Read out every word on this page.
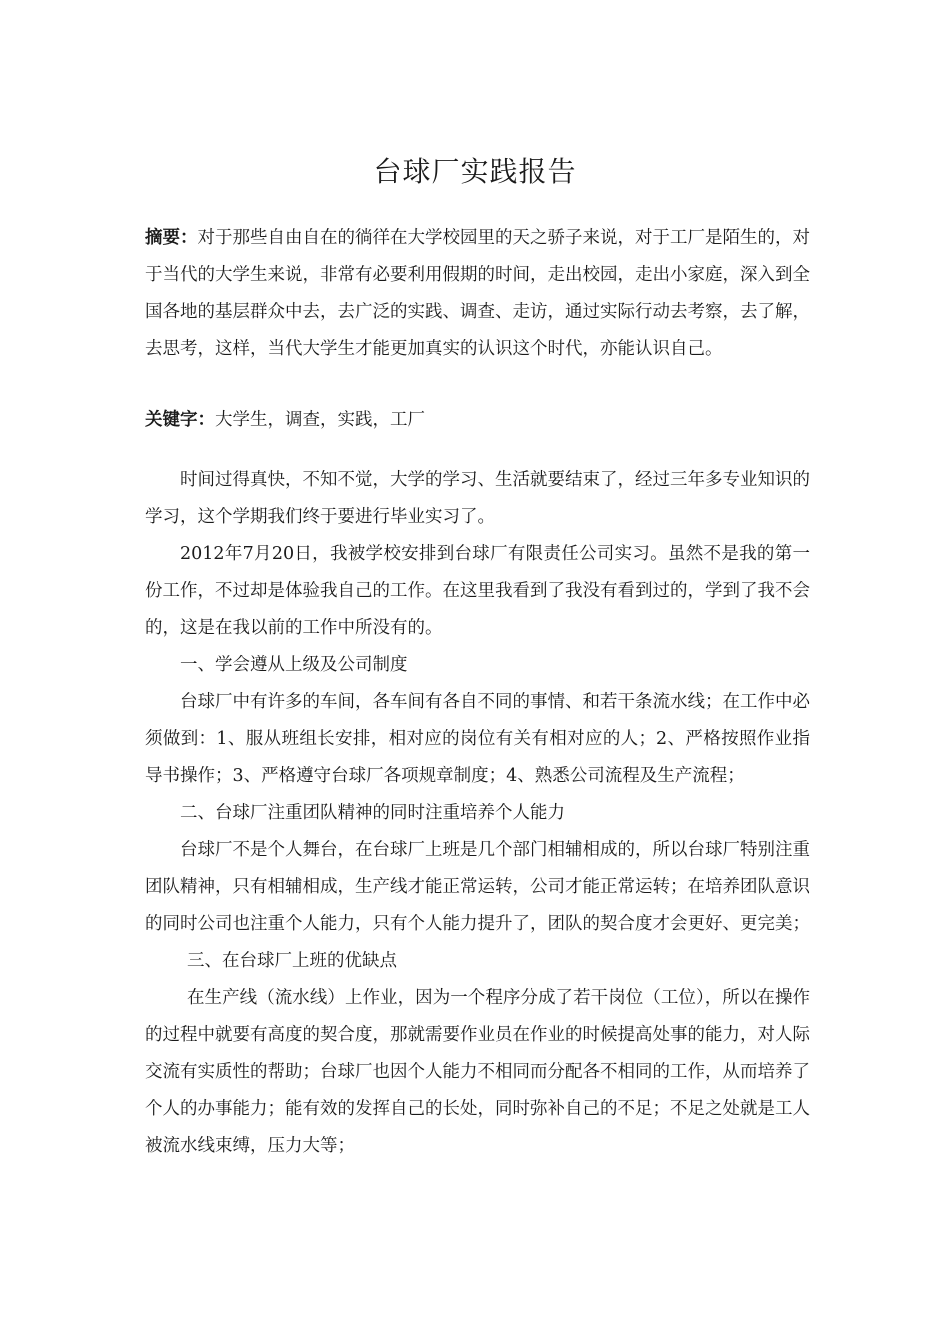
台球厂实践报告
摘要：对于那些自由自在的徜徉在大学校园里的天之骄子来说，对于工厂是陌生的，对于当代的大学生来说，非常有必要利用假期的时间，走出校园，走出小家庭，深入到全国各地的基层群众中去，去广泛的实践、调查、走访，通过实际行动去考察，去了解，去思考，这样，当代大学生才能更加真实的认识这个时代，亦能认识自己。
关键字：大学生，调查，实践，工厂

时间过得真快，不知不觉，大学的学习、生活就要结束了，经过三年多专业知识的学习，这个学期我们终于要进行毕业实习了。

2012年7月20日，我被学校安排到台球厂有限责任公司实习。虽然不是我的第一份工作，不过却是体验我自己的工作。在这里我看到了我没有看到过的，学到了我不会的，这是在我以前的工作中所没有的。

一、学会遵从上级及公司制度

台球厂中有许多的车间，各车间有各自不同的事情、和若干条流水线；在工作中必须做到：1、服从班组长安排，相对应的岗位有关有相对应的人；2、严格按照作业指导书操作；3、严格遵守台球厂各项规章制度；4、熟悉公司流程及生产流程；

二、台球厂注重团队精神的同时注重培养个人能力

台球厂不是个人舞台，在台球厂上班是几个部门相辅相成的，所以台球厂特别注重团队精神，只有相辅相成，生产线才能正常运转，公司才能正常运转；在培养团队意识的同时公司也注重个人能力，只有个人能力提升了，团队的契合度才会更好、更完美；

三、在台球厂上班的优缺点

在生产线（流水线）上作业，因为一个程序分成了若干岗位（工位），所以在操作的过程中就要有高度的契合度，那就需要作业员在作业的时候提高处事的能力，对人际交流有实质性的帮助；台球厂也因个人能力不相同而分配各不相同的工作，从而培养了个人的办事能力；能有效的发挥自己的长处，同时弥补自己的不足；不足之处就是工人被流水线束缚，压力大等；
